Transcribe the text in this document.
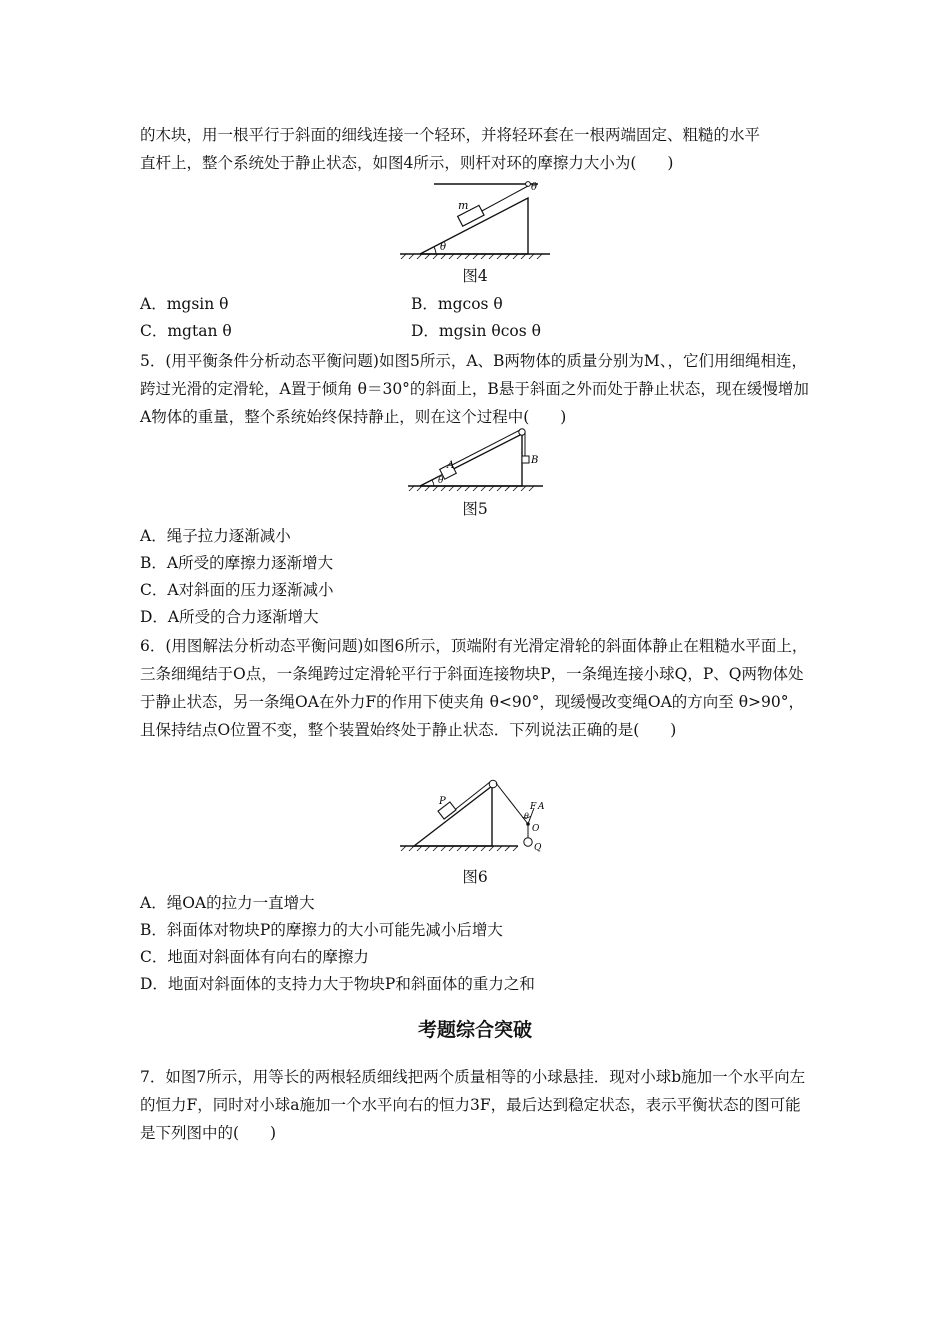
的木块，用一根平行于斜面的细线连接一个轻环，并将轻环套在一根两端固定、粗糙的水平
直杆上，整个系统处于静止状态，如图4所示，则杆对环的摩擦力大小为(　　)
m
θ
θ
图4
A．mgsin θ	B．mgcos θ
C．mgtan θ	D．mgsin θcos θ

5．(用平衡条件分析动态平衡问题)如图5所示，A、B两物体的质量分别为M、，它们用细绳相连，跨过光滑的定滑轮，A置于倾角 θ＝30°的斜面上，B悬于斜面之外而处于静止状态，现在缓慢增加A物体的重量，整个系统始终保持静止，则在这个过程中(　　)

A	B
θ
图5
A．绳子拉力逐渐减小
B．A所受的摩擦力逐渐增大
C．A对斜面的压力逐渐减小
D．A所受的合力逐渐增大

6．(用图解法分析动态平衡问题)如图6所示，顶端附有光滑定滑轮的斜面体静止在粗糙水平面上，三条细绳结于O点，一条绳跨过定滑轮平行于斜面连接物块P，一条绳连接小球Q，P、Q两物体处于静止状态，另一条绳OA在外力F的作用下使夹角 θ<90°，现缓慢改变绳OA的方向至 θ>90°，且保持结点O位置不变，整个装置始终处于静止状态．下列说法正确的是(　　)

P	F A
θ
O
Q
图6
A．绳OA的拉力一直增大
B．斜面体对物块P的摩擦力的大小可能先减小后增大
C．地面对斜面体有向右的摩擦力
D．地面对斜面体的支持力大于物块P和斜面体的重力之和
考题综合突破

7．如图7所示，用等长的两根轻质细线把两个质量相等的小球悬挂．现对小球b施加一个水平向左的恒力F，同时对小球a施加一个水平向右的恒力3F，最后达到稳定状态，表示平衡状态的图可能是下列图中的(　　)
